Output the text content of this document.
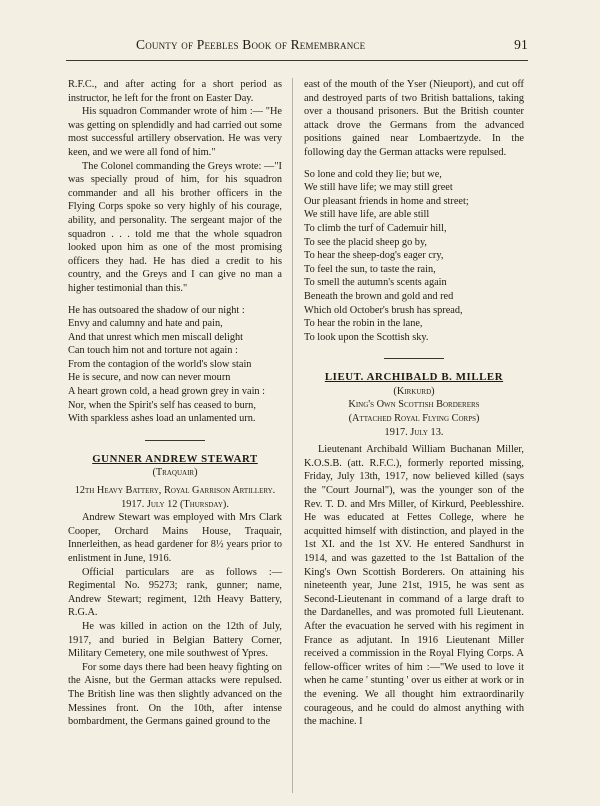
County of Peebles Book of Remembrance	91

R.F.C., and after acting for a short period as instructor, he left for the front on Easter Day.

His squadron Commander wrote of him :— "He was getting on splendidly and had carried out some most successful artillery observation. He was very keen, and we were all fond of him."

The Colonel commanding the Greys wrote: —"I was specially proud of him, for his squadron commander and all his brother officers in the Flying Corps spoke so very highly of his courage, ability, and personality. The sergeant major of the squadron . . . told me that the whole squadron looked upon him as one of the most promising officers they had. He has died a credit to his country, and the Greys and I can give no man a higher testimonial than this."

He has outsoared the shadow of our night :
Envy and calumny and hate and pain,
And that unrest which men miscall delight
Can touch him not and torture not again :
From the contagion of the world's slow stain
He is secure, and now can never mourn
A heart grown cold, a head grown grey in vain :
Nor, when the Spirit's self has ceased to burn,
With sparkless ashes load an unlamented urn.

GUNNER ANDREW STEWART

(Traquair)

12th Heavy Battery, Royal Garrison Artillery.

1917. July 12 (Thursday).

Andrew Stewart was employed with Mrs Clark Cooper, Orchard Mains House, Traquair, Innerleithen, as head gardener for 8½ years prior to enlistment in June, 1916.

Official particulars are as follows :—Regimental No. 95273; rank, gunner; name, Andrew Stewart; regiment, 12th Heavy Battery, R.G.A.

He was killed in action on the 12th of July, 1917, and buried in Belgian Battery Corner, Military Cemetery, one mile southwest of Ypres.

For some days there had been heavy fighting on the Aisne, but the German attacks were repulsed. The British line was then slightly advanced on the Messines front. On the 10th, after intense bombardment, the Germans gained ground to the

east of the mouth of the Yser (Nieuport), and cut off and destroyed parts of two British battalions, taking over a thousand prisoners. But the British counter attack drove the Germans from the advanced positions gained near Lombaertzyde. In the following day the German attacks were repulsed.

So lone and cold they lie; but we,
We still have life; we may still greet
Our pleasant friends in home and street;
We still have life, are able still
To climb the turf of Cademuir hill,
To see the placid sheep go by,
To hear the sheep-dog's eager cry,
To feel the sun, to taste the rain,
To smell the autumn's scents again
Beneath the brown and gold and red
Which old October's brush has spread,
To hear the robin in the lane,
To look upon the Scottish sky.

LIEUT. ARCHIBALD B. MILLER

(Kirkurd)

King's Own Scottish Borderers

(Attached Royal Flying Corps)

1917. July 13.

Lieutenant Archibald William Buchanan Miller, K.O.S.B. (att. R.F.C.), formerly reported missing, Friday, July 13th, 1917, now believed killed (says the "Court Journal"), was the younger son of the Rev. T. D. and Mrs Miller, of Kirkurd, Peeblesshire. He was educated at Fettes College, where he acquitted himself with distinction, and played in the 1st XI. and the 1st XV. He entered Sandhurst in 1914, and was gazetted to the 1st Battalion of the King's Own Scottish Borderers. On attaining his nineteenth year, June 21st, 1915, he was sent as Second-Lieutenant in command of a large draft to the Dardanelles, and was promoted full Lieutenant. After the evacuation he served with his regiment in France as adjutant. In 1916 Lieutenant Miller received a commission in the Royal Flying Corps. A fellow-officer writes of him :—"We used to love it when he came ' stunting ' over us either at work or in the evening. We all thought him extraordinarily courageous, and he could do almost anything with the machine. I
